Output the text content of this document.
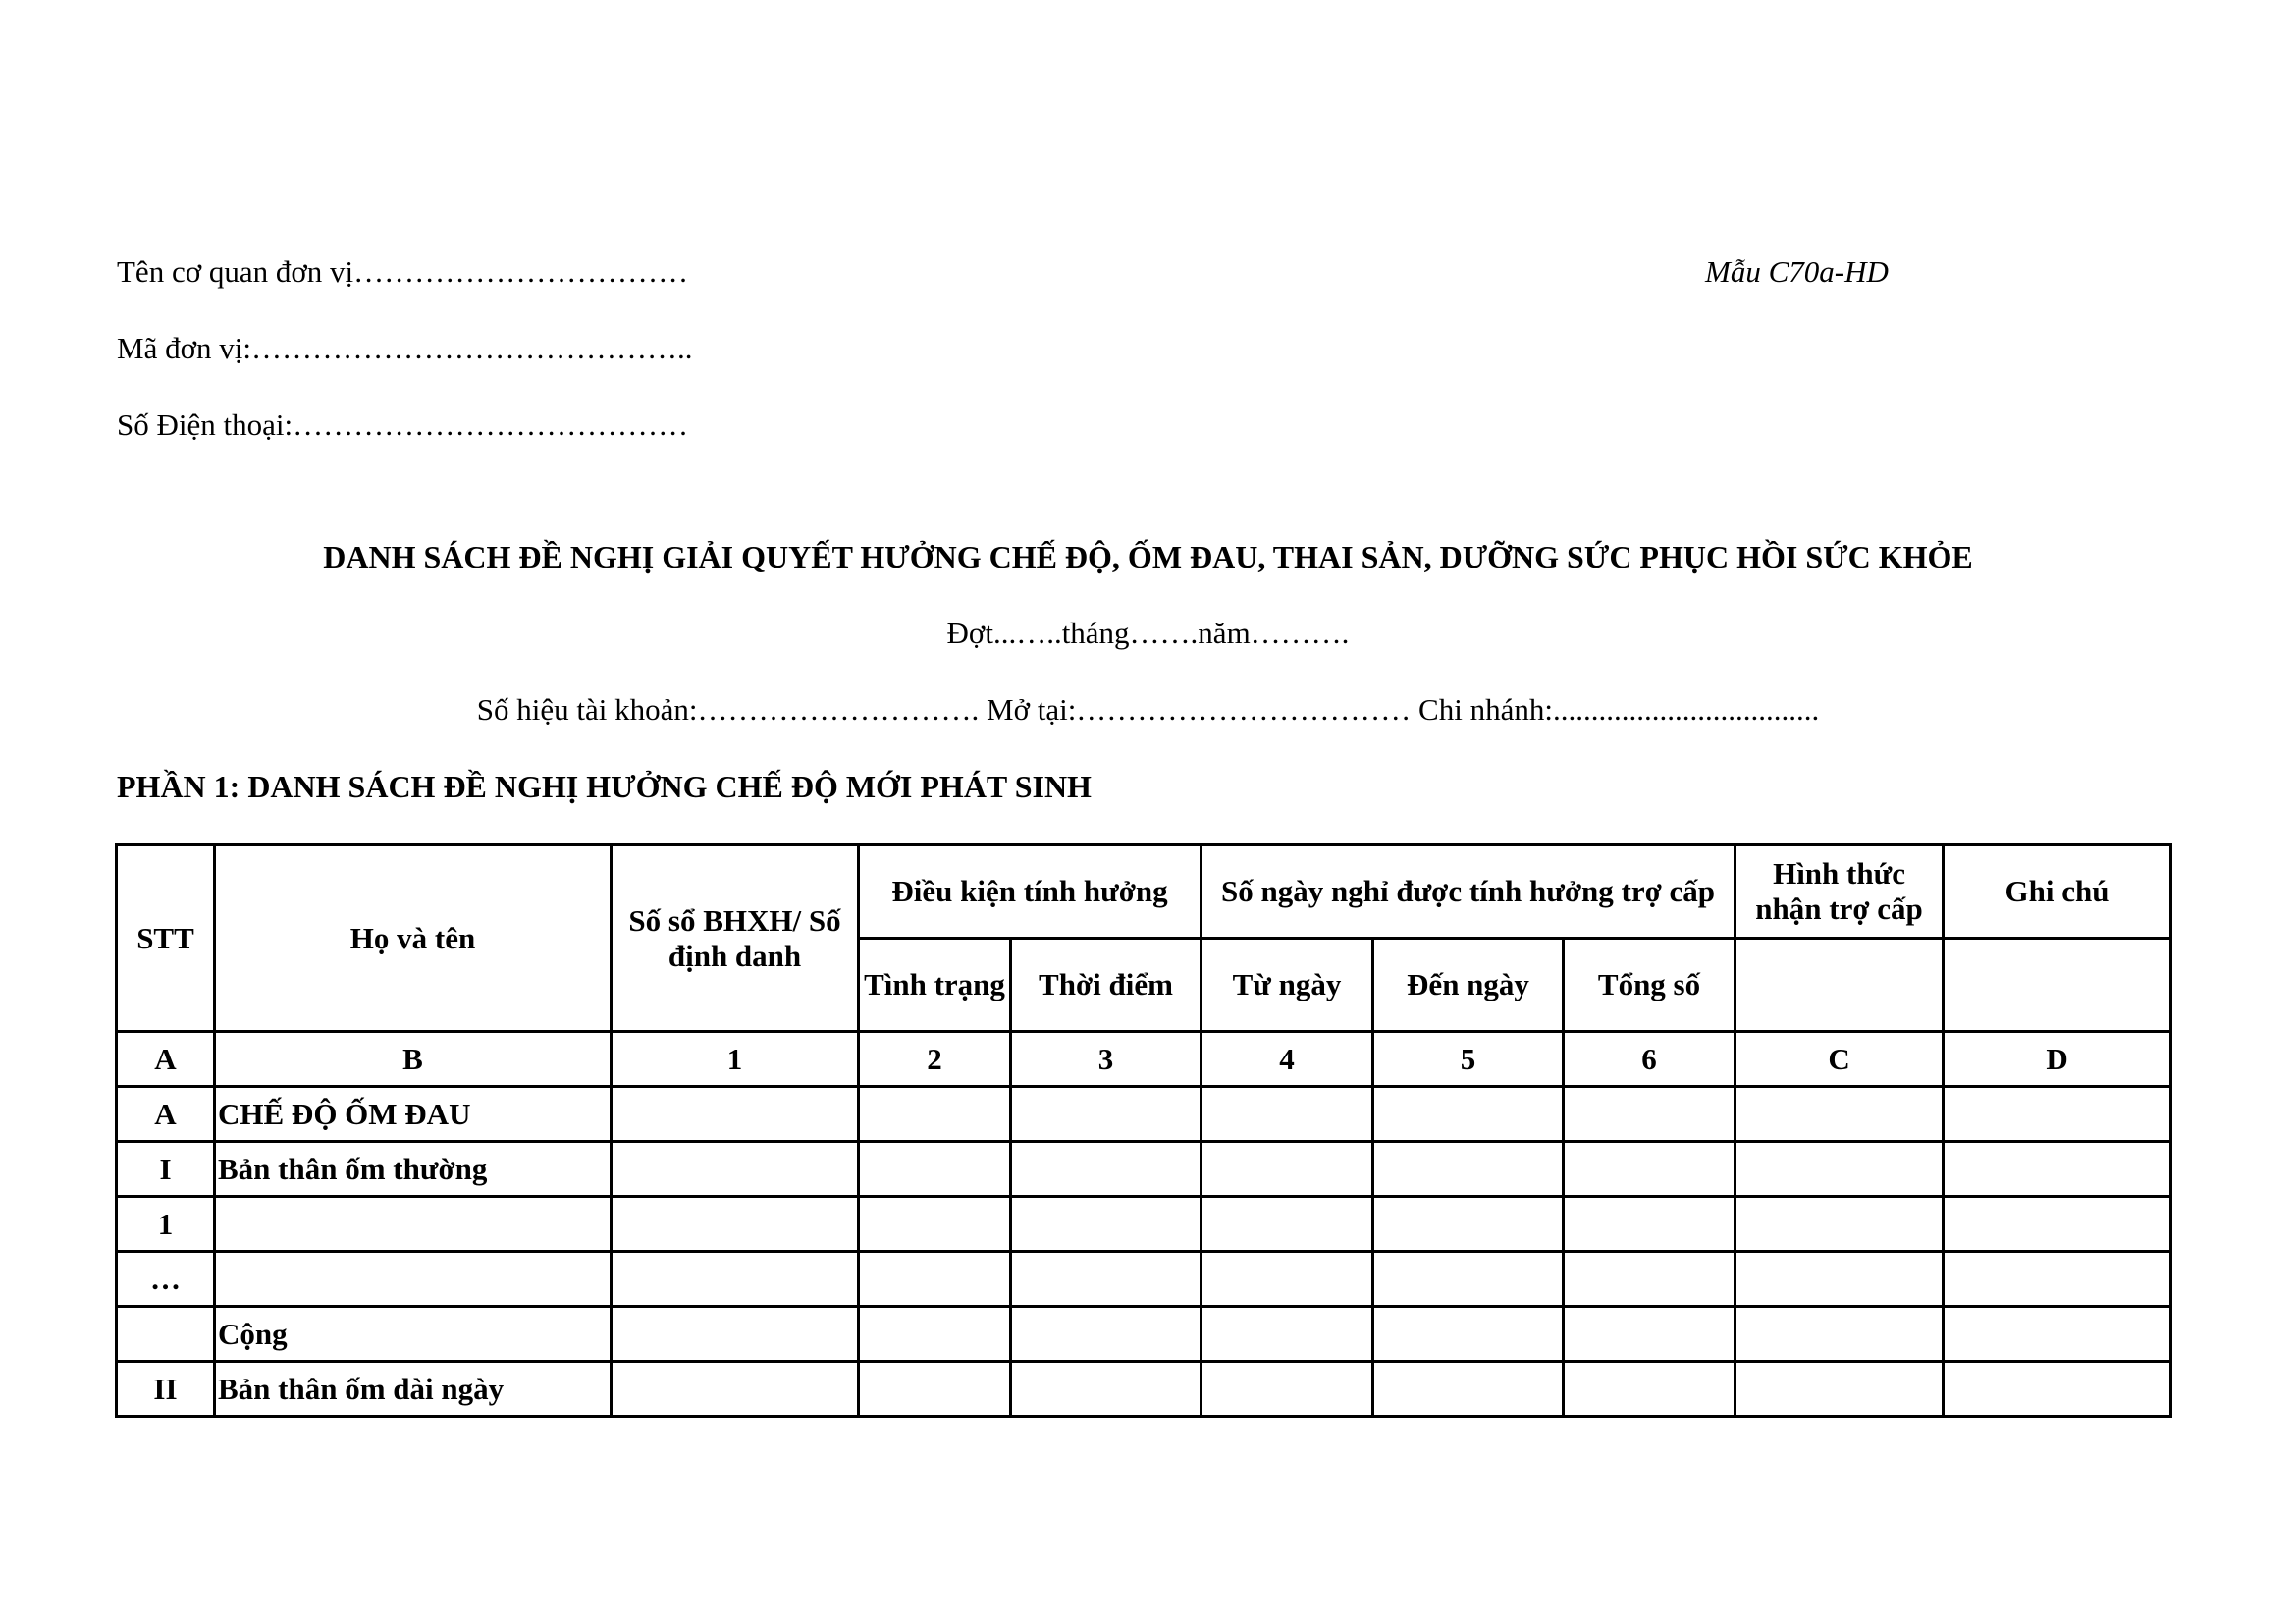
Tên cơ quan đơn vị……………………………
Mã đơn vị:……………………………………..
Số Điện thoại:…………………………………
Mẫu C70a-HD
DANH SÁCH ĐỀ NGHỊ GIẢI QUYẾT HƯỞNG CHẾ ĐỘ, ỐM ĐAU, THAI SẢN, DƯỠNG SỨC PHỤC HỒI SỨC KHỎE
Đợt...…..tháng…….năm……….
Số hiệu tài khoản:………………………. Mở tại:…………………………… Chi nhánh:...................................
PHẦN 1: DANH SÁCH ĐỀ NGHỊ HƯỞNG CHẾ ĐỘ MỚI PHÁT SINH
STT	Họ và tên	Số sổ BHXH/ Số định danh	Điều kiện tính hưởng		Số ngày nghỉ được tính hưởng trợ cấp			Hình thức nhận trợ cấp	Ghi chú
			Tình trạng	Thời điểm	Từ ngày	Đến ngày	Tổng số		
A	B	1	2	3	4	5	6	C	D
A	CHẾ ĐỘ ỐM ĐAU								
I	Bản thân ốm thường								
1									
…									
	Cộng								
II	Bản thân ốm dài ngày								
